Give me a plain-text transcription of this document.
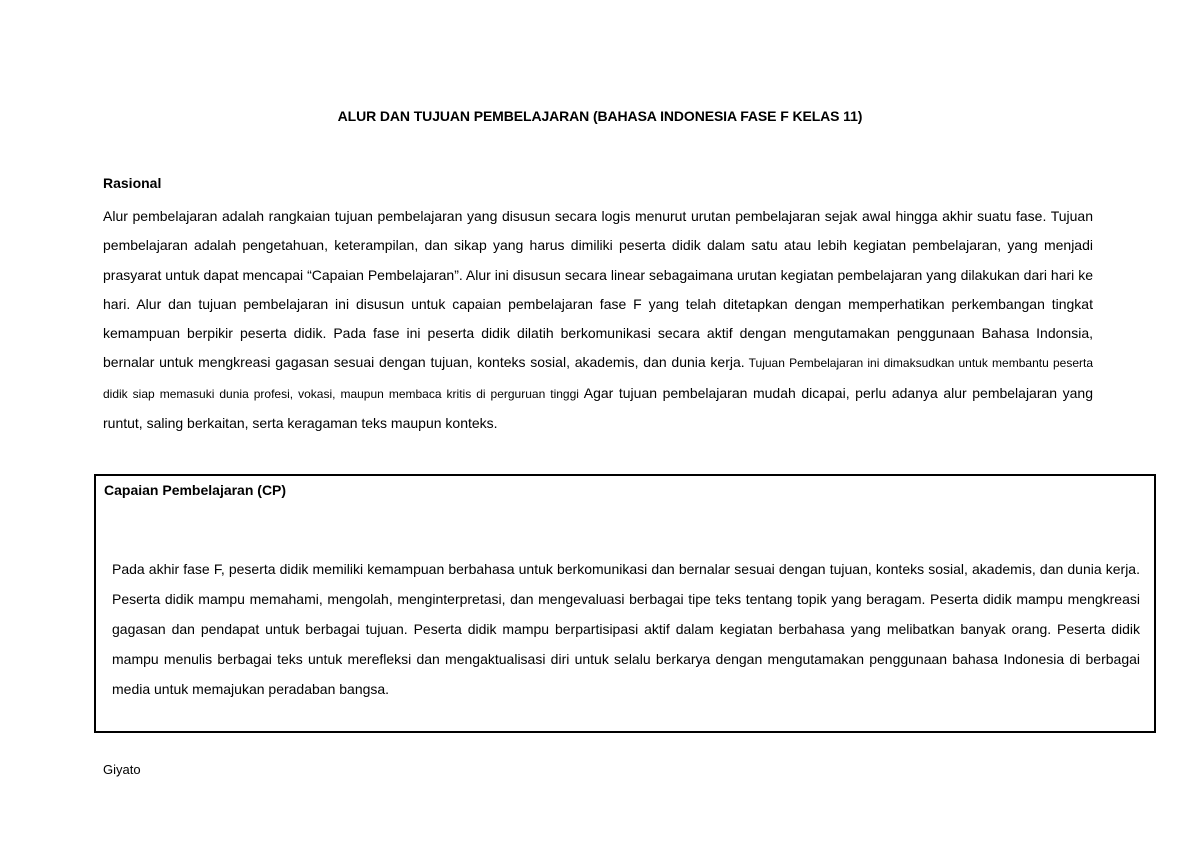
ALUR DAN TUJUAN PEMBELAJARAN (BAHASA INDONESIA FASE F KELAS 11)
Rasional

Alur pembelajaran adalah rangkaian tujuan pembelajaran yang disusun secara logis menurut urutan pembelajaran sejak awal hingga akhir suatu fase. Tujuan pembelajaran adalah pengetahuan, keterampilan, dan sikap yang harus dimiliki peserta didik dalam satu atau lebih kegiatan pembelajaran, yang menjadi prasyarat untuk dapat mencapai “Capaian Pembelajaran”. Alur ini disusun secara linear sebagaimana urutan kegiatan pembelajaran yang dilakukan dari hari ke hari. Alur dan tujuan pembelajaran ini disusun untuk capaian pembelajaran fase F yang telah ditetapkan dengan memperhatikan perkembangan tingkat kemampuan berpikir peserta didik. Pada fase ini peserta didik dilatih berkomunikasi secara aktif dengan mengutamakan penggunaan Bahasa Indonsia, bernalar untuk mengkreasi gagasan sesuai dengan tujuan, konteks sosial, akademis, dan dunia kerja. Tujuan Pembelajaran ini dimaksudkan untuk membantu peserta didik siap memasuki dunia profesi, vokasi, maupun membaca kritis di perguruan tinggi Agar tujuan pembelajaran mudah dicapai, perlu adanya alur pembelajaran yang runtut, saling berkaitan, serta keragaman teks maupun konteks.

Capaian Pembelajaran (CP)

Pada akhir fase F, peserta didik memiliki kemampuan berbahasa untuk berkomunikasi dan bernalar sesuai dengan tujuan, konteks sosial, akademis, dan dunia kerja. Peserta didik mampu memahami, mengolah, menginterpretasi, dan mengevaluasi berbagai tipe teks tentang topik yang beragam. Peserta didik mampu mengkreasi gagasan dan pendapat untuk berbagai tujuan. Peserta didik mampu berpartisipasi aktif dalam kegiatan berbahasa yang melibatkan banyak orang. Peserta didik mampu menulis berbagai teks untuk merefleksi dan mengaktualisasi diri untuk selalu berkarya dengan mengutamakan penggunaan bahasa Indonesia di berbagai media untuk memajukan peradaban bangsa.

Giyato
